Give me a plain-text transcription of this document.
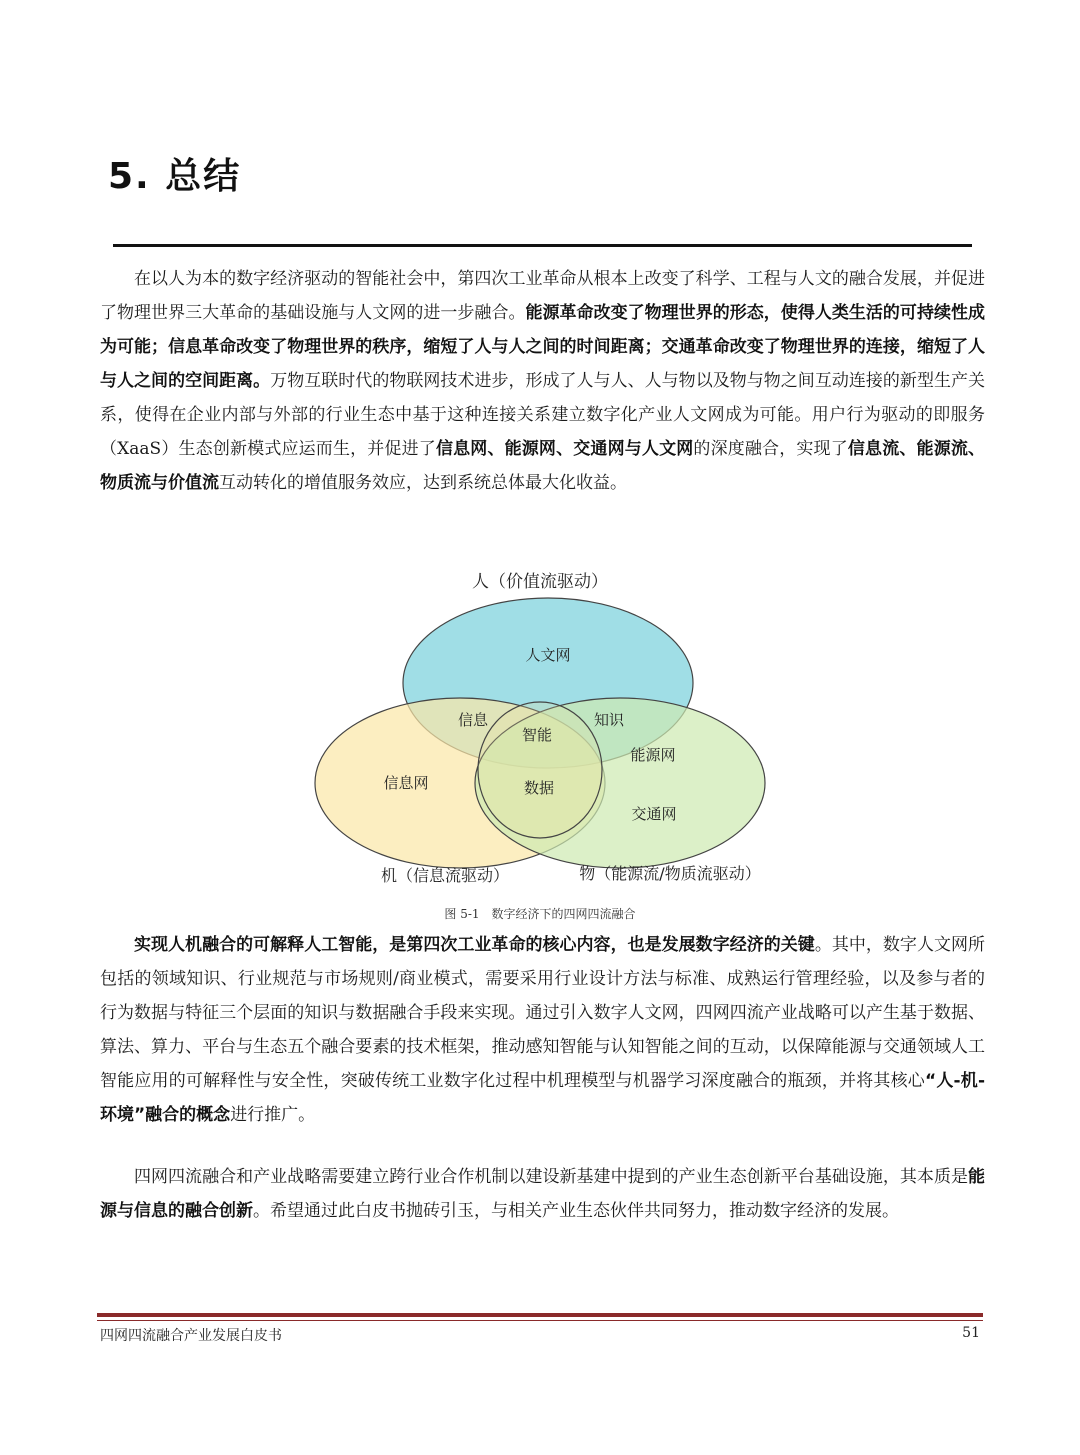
5. 总结

在以人为本的数字经济驱动的智能社会中，第四次工业革命从根本上改变了科学、工程与人文的融合发展，并促进了物理世界三大革命的基础设施与人文网的进一步融合。能源革命改变了物理世界的形态，使得人类生活的可持续性成为可能；信息革命改变了物理世界的秩序，缩短了人与人之间的时间距离；交通革命改变了物理世界的连接，缩短了人与人之间的空间距离。万物互联时代的物联网技术进步，形成了人与人、人与物以及物与物之间互动连接的新型生产关系，使得在企业内部与外部的行业生态中基于这种连接关系建立数字化产业人文网成为可能。用户行为驱动的即服务（XaaS）生态创新模式应运而生，并促进了信息网、能源网、交通网与人文网的深度融合，实现了信息流、能源流、物质流与价值流互动转化的增值服务效应，达到系统总体最大化收益。

人（价值流驱动）
人文网
信息网
能源网
交通网
信息	知识
智能
数据
机（信息流驱动）	物（能源流/物质流驱动）
图 5-1　数字经济下的四网四流融合

实现人机融合的可解释人工智能，是第四次工业革命的核心内容，也是发展数字经济的关键。其中，数字人文网所包括的领域知识、行业规范与市场规则/商业模式，需要采用行业设计方法与标准、成熟运行管理经验，以及参与者的行为数据与特征三个层面的知识与数据融合手段来实现。通过引入数字人文网，四网四流产业战略可以产生基于数据、算法、算力、平台与生态五个融合要素的技术框架，推动感知智能与认知智能之间的互动，以保障能源与交通领域人工智能应用的可解释性与安全性，突破传统工业数字化过程中机理模型与机器学习深度融合的瓶颈，并将其核心“人-机-环境”融合的概念进行推广。

四网四流融合和产业战略需要建立跨行业合作机制以建设新基建中提到的产业生态创新平台基础设施，其本质是能源与信息的融合创新。希望通过此白皮书抛砖引玉，与相关产业生态伙伴共同努力，推动数字经济的发展。

四网四流融合产业发展白皮书	51
